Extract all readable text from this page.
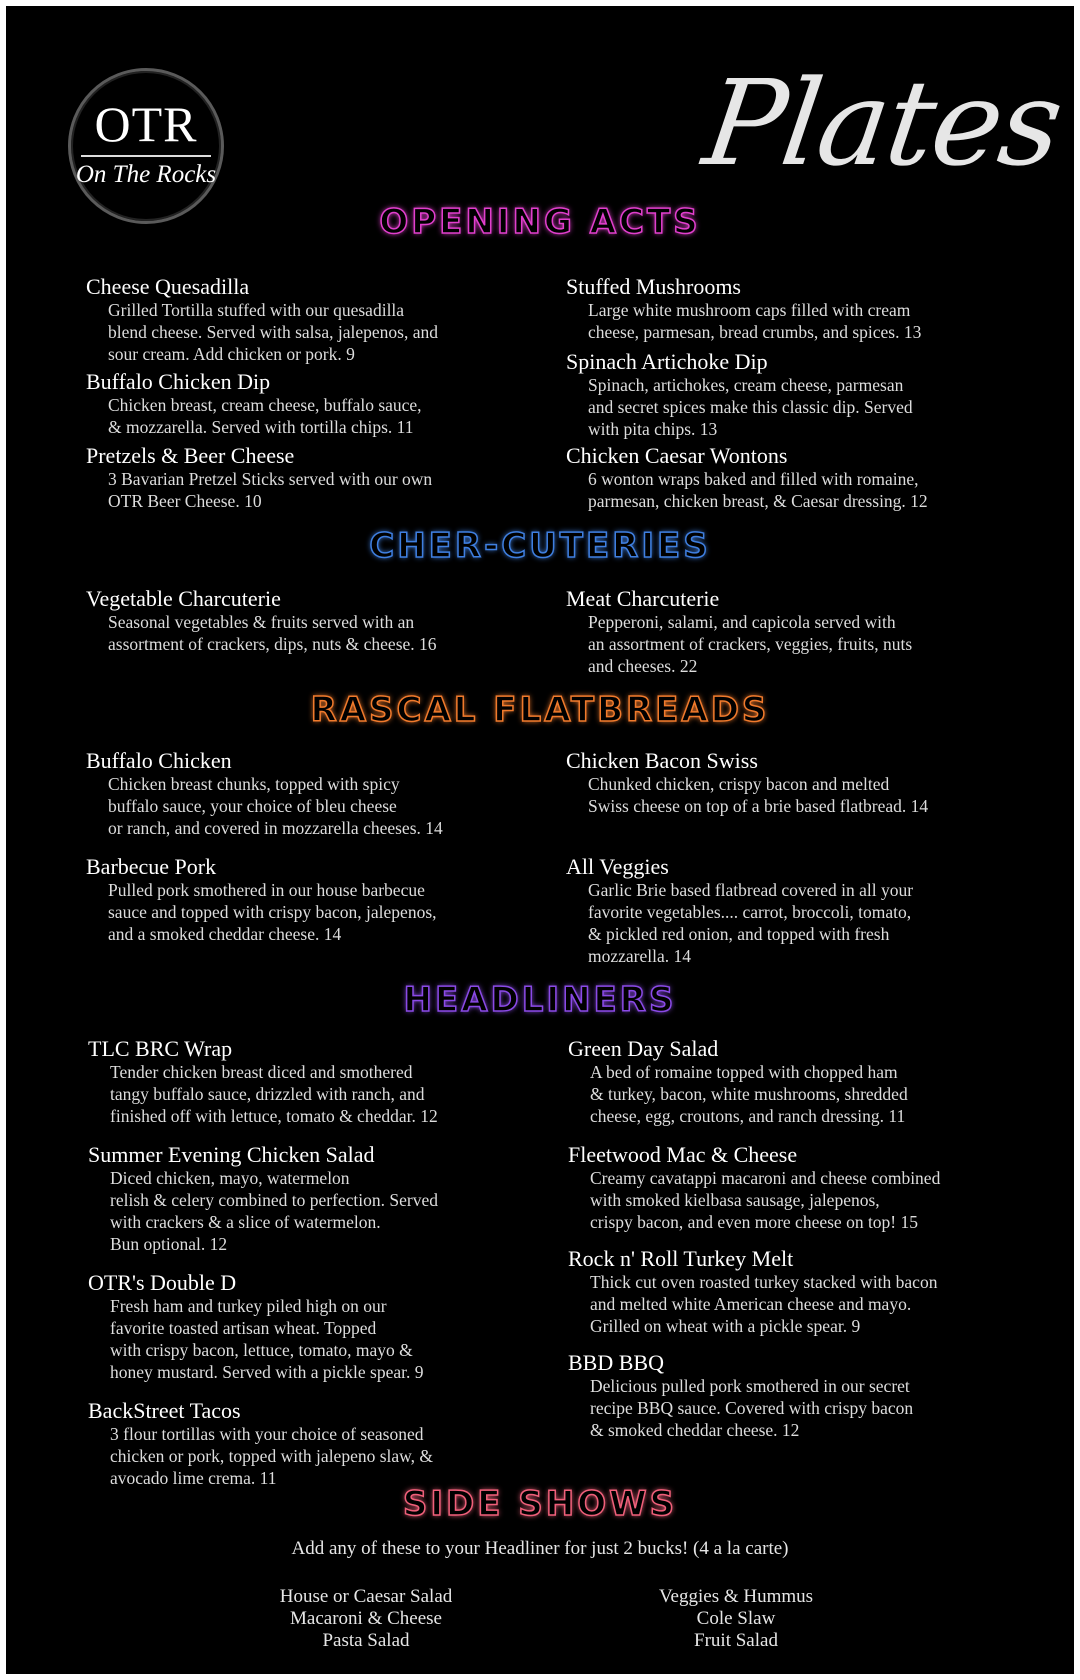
OTR
On The Rocks	Plates
OPENING ACTS
CHER-CUTERIES
RASCAL FLATBREADS
HEADLINERS
SIDE SHOWS
Cheese Quesadilla
Grilled Tortilla stuffed with our quesadilla
blend cheese. Served with salsa, jalepenos, and
sour cream. Add chicken or pork. 9
Buffalo Chicken Dip
Chicken breast, cream cheese, buffalo sauce,
& mozzarella. Served with tortilla chips. 11
Pretzels & Beer Cheese
3 Bavarian Pretzel Sticks served with our own
OTR Beer Cheese. 10
Stuffed Mushrooms
Large white mushroom caps filled with cream
cheese, parmesan, bread crumbs, and spices. 13
Spinach Artichoke Dip
Spinach, artichokes, cream cheese, parmesan
and secret spices make this classic dip. Served
with pita chips. 13
Chicken Caesar Wontons
6 wonton wraps baked and filled with romaine,
parmesan, chicken breast, & Caesar dressing. 12
Vegetable Charcuterie
Seasonal vegetables & fruits served with an
assortment of crackers, dips, nuts & cheese. 16
Meat Charcuterie
Pepperoni, salami, and capicola served with
an assortment of crackers, veggies, fruits, nuts
and cheeses. 22
Buffalo Chicken
Chicken breast chunks, topped with spicy
buffalo sauce, your choice of bleu cheese
or ranch, and covered in mozzarella cheeses. 14
Chicken Bacon Swiss
Chunked chicken, crispy bacon and melted
Swiss cheese on top of a brie based flatbread. 14
Barbecue Pork
Pulled pork smothered in our house barbecue
sauce and topped with crispy bacon, jalepenos,
and a smoked cheddar cheese. 14
All Veggies
Garlic Brie based flatbread covered in all your
favorite vegetables.... carrot, broccoli, tomato,
& pickled red onion, and topped with fresh
mozzarella. 14
TLC BRC Wrap
Tender chicken breast diced and smothered
tangy buffalo sauce, drizzled with ranch, and
finished off with lettuce, tomato & cheddar. 12
Green Day Salad
A bed of romaine topped with chopped ham
& turkey, bacon, white mushrooms, shredded
cheese, egg, croutons, and ranch dressing. 11
Summer Evening Chicken Salad
Diced chicken, mayo, watermelon
relish & celery combined to perfection. Served
with crackers & a slice of watermelon.
Bun optional. 12
Fleetwood Mac & Cheese
Creamy cavatappi macaroni and cheese combined
with smoked kielbasa sausage, jalepenos,
crispy bacon, and even more cheese on top! 15
OTR's Double D
Fresh ham and turkey piled high on our
favorite toasted artisan wheat. Topped
with crispy bacon, lettuce, tomato, mayo &
honey mustard. Served with a pickle spear. 9
Rock n' Roll Turkey Melt
Thick cut oven roasted turkey stacked with bacon
and melted white American cheese and mayo.
Grilled on wheat with a pickle spear. 9
BBD BBQ
Delicious pulled pork smothered in our secret
recipe BBQ sauce. Covered with crispy bacon
& smoked cheddar cheese. 12
BackStreet Tacos
3 flour tortillas with your choice of seasoned
chicken or pork, topped with jalepeno slaw, &
avocado lime crema. 11
Add any of these to your Headliner for just 2 bucks! (4 a la carte)
House or Caesar Salad
Macaroni & Cheese
Pasta Salad
Veggies & Hummus
Cole Slaw
Fruit Salad
